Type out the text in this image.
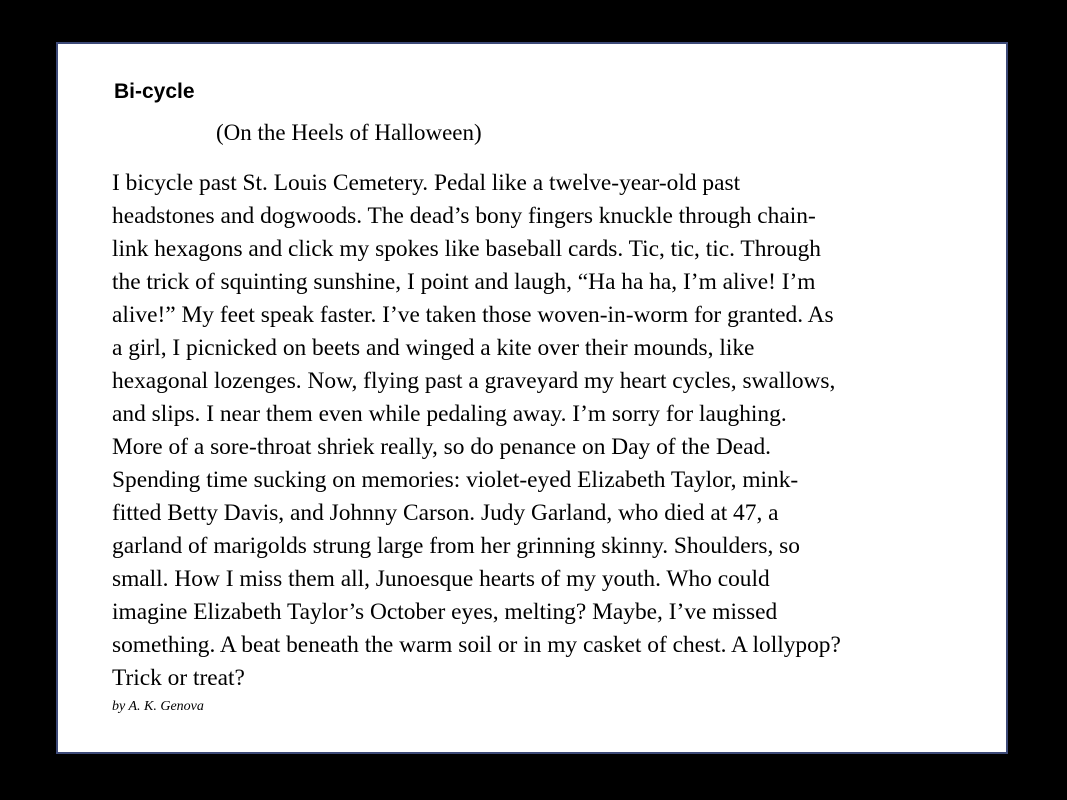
Bi-cycle

(On the Heels of Halloween)

I bicycle past St. Louis Cemetery. Pedal like a twelve-year-old past
headstones and dogwoods. The dead’s bony fingers knuckle through chain-
link hexagons and click my spokes like baseball cards. Tic, tic, tic. Through
the trick of squinting sunshine, I point and laugh, “Ha ha ha, I’m alive! I’m
alive!” My feet speak faster. I’ve taken those woven-in-worm for granted. As
a girl, I picnicked on beets and winged a kite over their mounds, like
hexagonal lozenges. Now, flying past a graveyard my heart cycles, swallows,
and slips. I near them even while pedaling away. I’m sorry for laughing.
More of a sore-throat shriek really, so do penance on Day of the Dead.
Spending time sucking on memories: violet-eyed Elizabeth Taylor, mink-
fitted Betty Davis, and Johnny Carson. Judy Garland, who died at 47, a
garland of marigolds strung large from her grinning skinny. Shoulders, so
small. How I miss them all, Junoesque hearts of my youth. Who could
imagine Elizabeth Taylor’s October eyes, melting? Maybe, I’ve missed
something. A beat beneath the warm soil or in my casket of chest. A lollypop?
Trick or treat?

by A. K. Genova
